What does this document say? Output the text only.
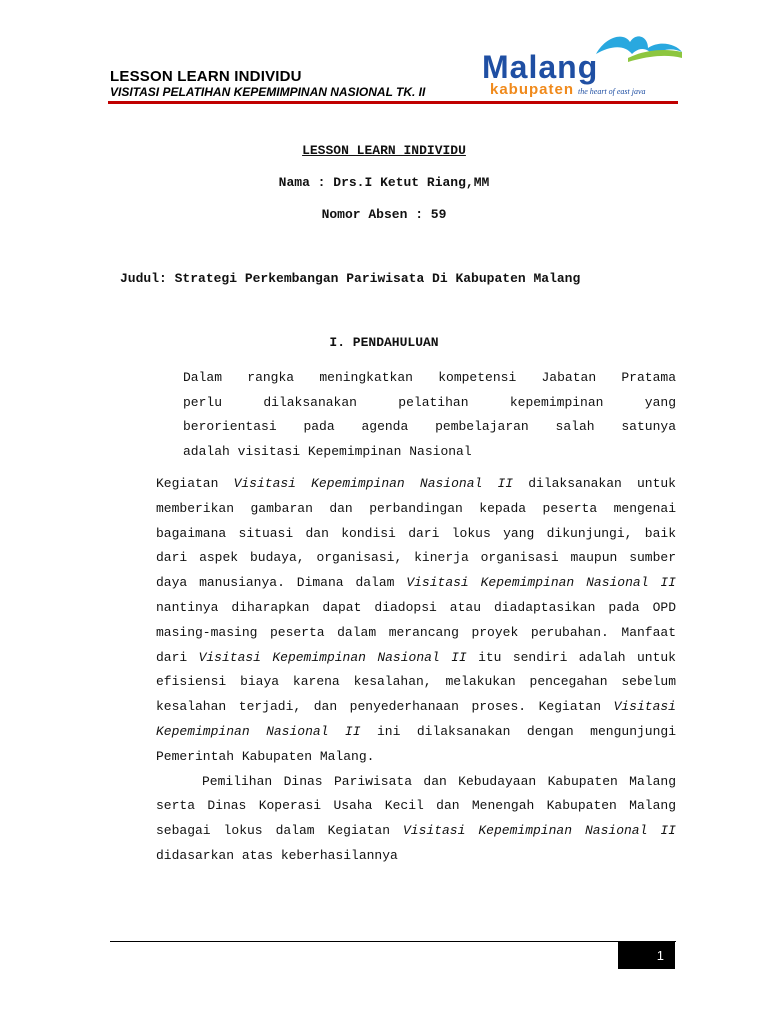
LESSON LEARN INDIVIDU
VISITASI PELATIHAN KEPEMIMPINAN NASIONAL TK. II
Malang
kabupaten the heart of east java
LESSON LEARN INDIVIDU
Nama : Drs.I Ketut Riang,MM
Nomor Absen : 59
Judul: Strategi Perkembangan Pariwisata Di Kabupaten Malang
I. PENDAHULUAN
Dalam rangka meningkatkan kompetensi Jabatan Pratama
perlu dilaksanakan pelatihan kepemimpinan yang
berorientasi pada agenda pembelajaran salah satunya
adalah visitasi Kepemimpinan Nasional

Kegiatan Visitasi Kepemimpinan Nasional II dilaksanakan untuk memberikan gambaran dan perbandingan kepada peserta mengenai bagaimana situasi dan kondisi dari lokus yang dikunjungi, baik dari aspek budaya, organisasi, kinerja organisasi maupun sumber daya manusianya. Dimana dalam Visitasi Kepemimpinan Nasional II nantinya diharapkan dapat diadopsi atau diadaptasikan pada OPD masing-masing peserta dalam merancang proyek perubahan. Manfaat dari Visitasi Kepemimpinan Nasional II itu sendiri adalah untuk efisiensi biaya karena kesalahan, melakukan pencegahan sebelum kesalahan terjadi, dan penyederhanaan proses. Kegiatan Visitasi Kepemimpinan Nasional II ini dilaksanakan dengan mengunjungi Pemerintah Kabupaten Malang.

Pemilihan Dinas Pariwisata dan Kebudayaan Kabupaten Malang serta Dinas Koperasi Usaha Kecil dan Menengah Kabupaten Malang sebagai lokus dalam Kegiatan Visitasi Kepemimpinan Nasional II didasarkan atas keberhasilannya

1
